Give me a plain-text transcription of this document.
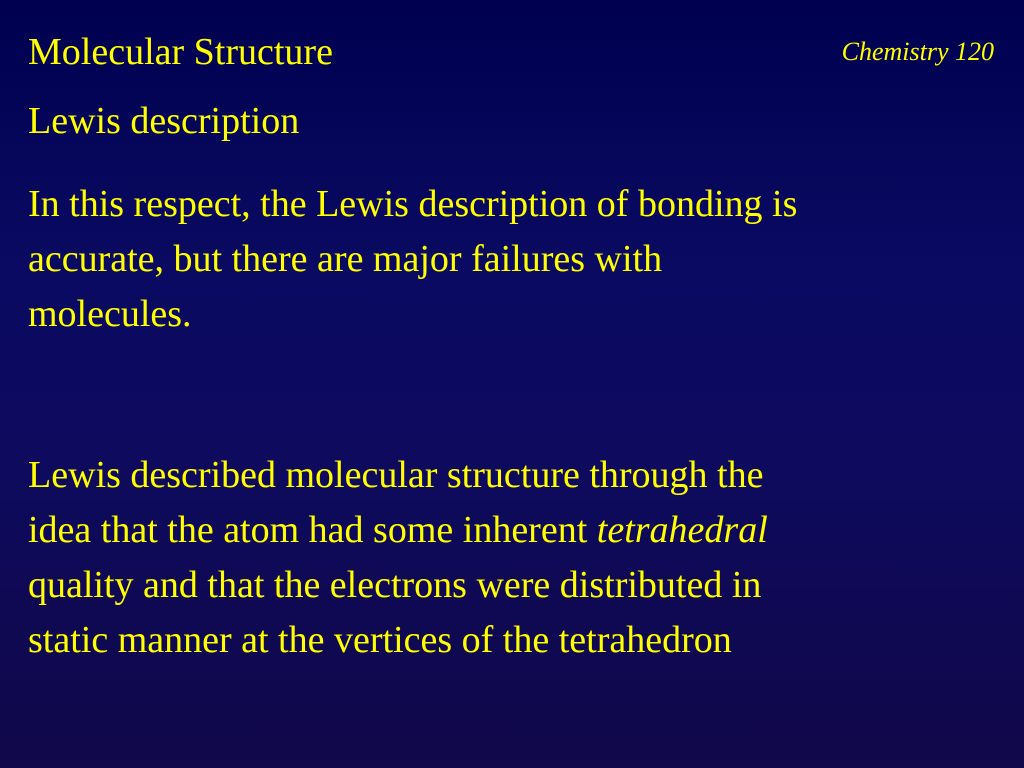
Molecular Structure	Chemistry 120
Lewis description

In this respect, the Lewis description of bonding is
accurate, but there are major failures with
molecules.

Lewis described molecular structure through the
idea that the atom had some inherent tetrahedral
quality and that the electrons were distributed in
static manner at the vertices of the tetrahedron
